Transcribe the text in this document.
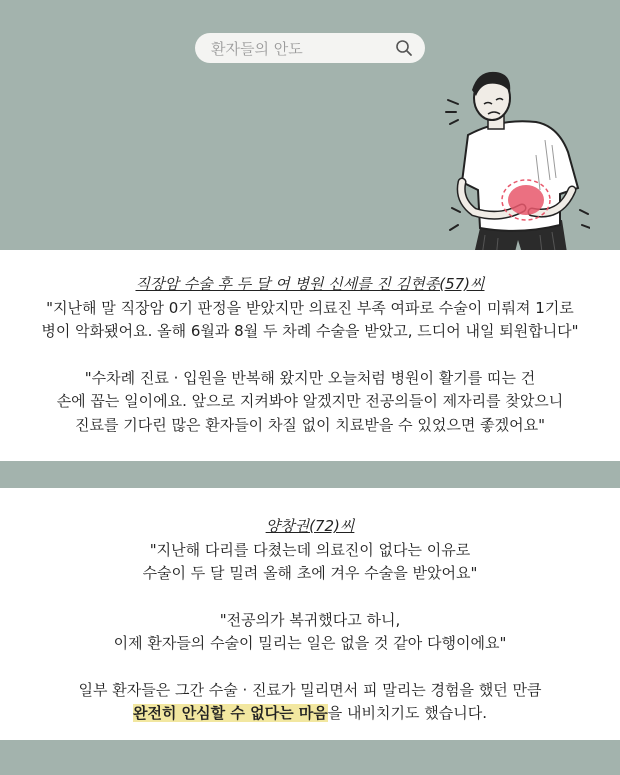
환자들의 안도

직장암 수술 후 두 달 여 병원 신세를 진 김현종(57)씨

"지난해 말 직장암 0기 판정을 받았지만 의료진 부족 여파로 수술이 미뤄져 1기로

병이 악화됐어요. 올해 6월과 8월 두 차례 수술을 받았고, 드디어 내일 퇴원합니다"

"수차례 진료 · 입원을 반복해 왔지만 오늘처럼 병원이 활기를 띠는 건

손에 꼽는 일이에요. 앞으로 지켜봐야 알겠지만 전공의들이 제자리를 찾았으니

진료를 기다린 많은 환자들이 차질 없이 치료받을 수 있었으면 좋겠어요"

양창권(72)씨

"지난해 다리를 다쳤는데 의료진이 없다는 이유로

수술이 두 달 밀려 올해 초에 겨우 수술을 받았어요"

"전공의가 복귀했다고 하니,

이제 환자들의 수술이 밀리는 일은 없을 것 같아 다행이에요"

일부 환자들은 그간 수술 · 진료가 밀리면서 피 말리는 경험을 했던 만큼

완전히 안심할 수 없다는 마음을 내비치기도 했습니다.
